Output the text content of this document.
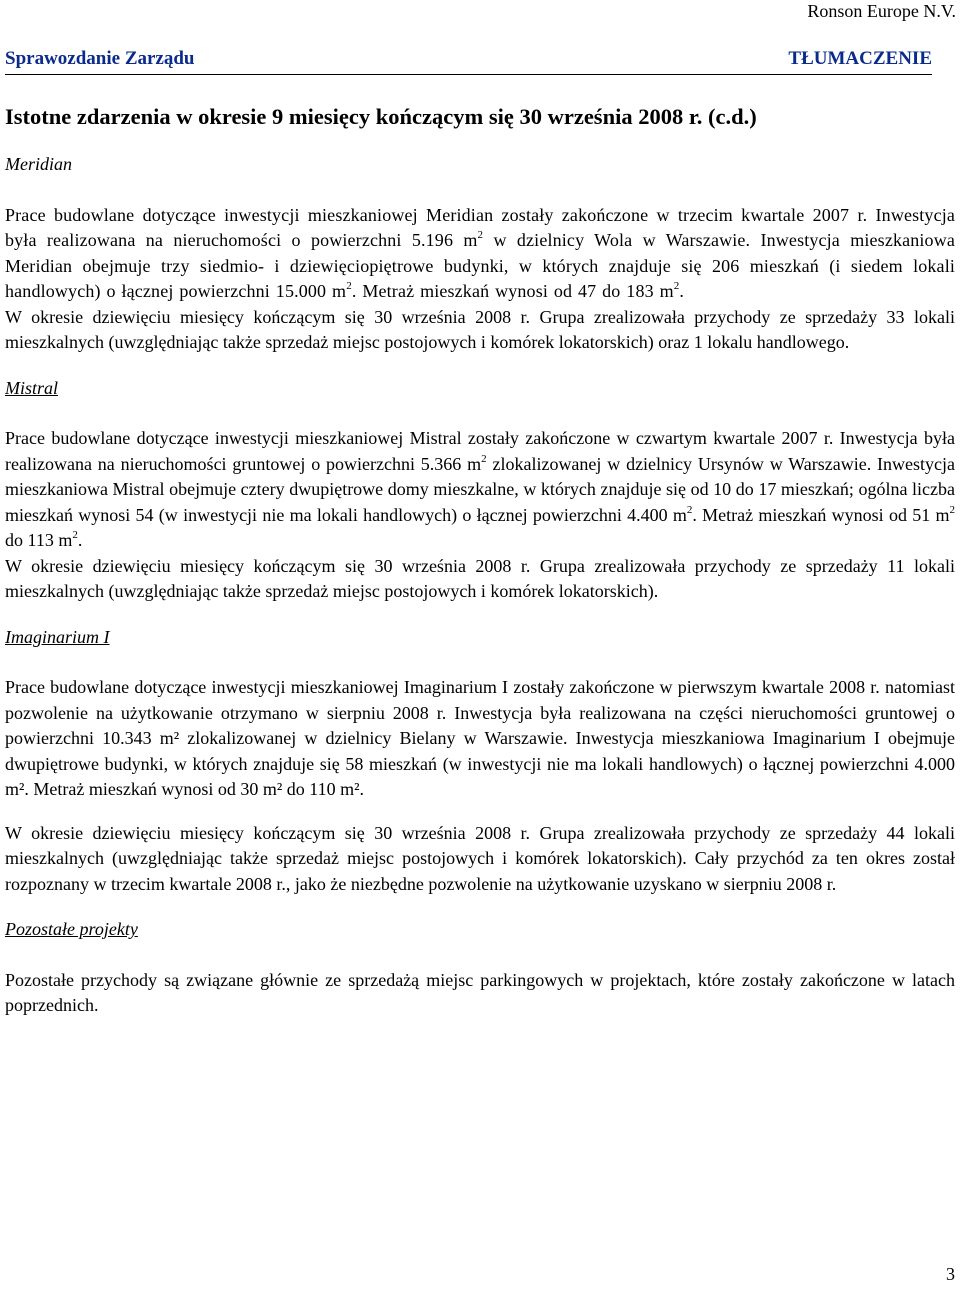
Ronson Europe N.V.
Sprawozdanie Zarządu	TŁUMACZENIE
Istotne zdarzenia w okresie 9 miesięcy kończącym się 30 września 2008 r. (c.d.)

Meridian

Prace budowlane dotyczące inwestycji mieszkaniowej Meridian zostały zakończone w trzecim kwartale 2007 r. Inwestycja była realizowana na nieruchomości o powierzchni 5.196 $m^2$ w dzielnicy Wola w Warszawie. Inwestycja mieszkaniowa Meridian obejmuje trzy siedmio- i dziewięciopiętrowe budynki, w których znajduje się 206 mieszkań (i siedem lokali handlowych) o łącznej powierzchni 15.000 $m^2$. Metraż mieszkań wynosi od 47 do 183 $m^2$.

W okresie dziewięciu miesięcy kończącym się 30 września 2008 r. Grupa zrealizowała przychody ze sprzedaży 33 lokali mieszkalnych (uwzględniając także sprzedaż miejsc postojowych i komórek lokatorskich) oraz 1 lokalu handlowego.

Mistral

Prace budowlane dotyczące inwestycji mieszkaniowej Mistral zostały zakończone w czwartym kwartale 2007 r. Inwestycja była realizowana na nieruchomości gruntowej o powierzchni 5.366 $m^2$ zlokalizowanej w dzielnicy Ursynów w Warszawie. Inwestycja mieszkaniowa Mistral obejmuje cztery dwupiętrowe domy mieszkalne, w których znajduje się od 10 do 17 mieszkań; ogólna liczba mieszkań wynosi 54 (w inwestycji nie ma lokali handlowych) o łącznej powierzchni 4.400 $m^2$. Metraż mieszkań wynosi od 51 $m^2$ do 113 $m^2$.

W okresie dziewięciu miesięcy kończącym się 30 września 2008 r. Grupa zrealizowała przychody ze sprzedaży 11 lokali mieszkalnych (uwzględniając także sprzedaż miejsc postojowych i komórek lokatorskich).

Imaginarium I

Prace budowlane dotyczące inwestycji mieszkaniowej Imaginarium I zostały zakończone w pierwszym kwartale 2008 r. natomiast pozwolenie na użytkowanie otrzymano w sierpniu 2008 r. Inwestycja była realizowana na części nieruchomości gruntowej o powierzchni 10.343 m² zlokalizowanej w dzielnicy Bielany w Warszawie. Inwestycja mieszkaniowa Imaginarium I obejmuje dwupiętrowe budynki, w których znajduje się 58 mieszkań (w inwestycji nie ma lokali handlowych) o łącznej powierzchni 4.000 m². Metraż mieszkań wynosi od 30 m² do 110 m².

W okresie dziewięciu miesięcy kończącym się 30 września 2008 r. Grupa zrealizowała przychody ze sprzedaży 44 lokali mieszkalnych (uwzględniając także sprzedaż miejsc postojowych i komórek lokatorskich). Cały przychód za ten okres został rozpoznany w trzecim kwartale 2008 r., jako że niezbędne pozwolenie na użytkowanie uzyskano w sierpniu 2008 r.

Pozostałe projekty

Pozostałe przychody są związane głównie ze sprzedażą miejsc parkingowych w projektach, które zostały zakończone w latach poprzednich.

3
